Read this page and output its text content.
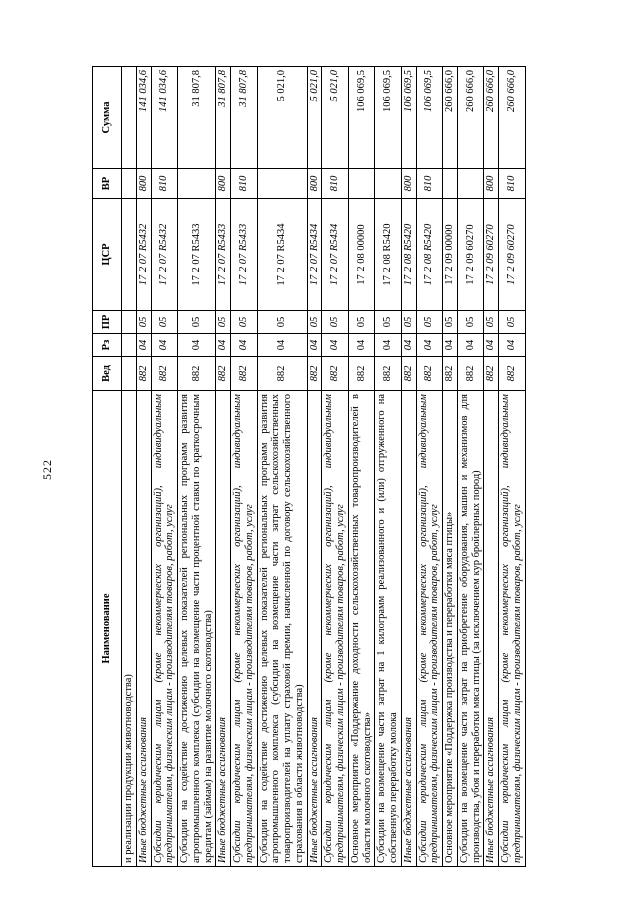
522
Наименование	Вед	Рз	ПР	ЦСР	ВР	Сумма
и реализации продукции животноводства)						
Иные бюджетные ассигнования	882	04	05	17 2 07 R5432	800	141 034,6
Субсидии юридическим лицам (кроме некоммерческих организаций), индивидуальным предпринимателям, физическим лицам - производителям товаров, работ, услуг	882	04	05	17 2 07 R5432	810	141 034,6
Субсидии на содействие достижению целевых показателей региональных программ развития агропромышленного комплекса (субсидии на возмещение части процентной ставки по краткосрочным кредитам (займам) на развитие молочного скотоводства)	882	04	05	17 2 07 R5433		31 807,8
Иные бюджетные ассигнования	882	04	05	17 2 07 R5433	800	31 807,8
Субсидии юридическим лицам (кроме некоммерческих организаций), индивидуальным предпринимателям, физическим лицам - производителям товаров, работ, услуг	882	04	05	17 2 07 R5433	810	31 807,8
Субсидии на содействие достижению целевых показателей региональных программ развития агропромышленного комплекса (субсидии на возмещение части затрат сельскохозяйственных товаропроизводителей на уплату страховой премии, начисленной по договору сельскохозяйственного страхования в области животноводства)	882	04	05	17 2 07 R5434		5 021,0
Иные бюджетные ассигнования	882	04	05	17 2 07 R5434	800	5 021,0
Субсидии юридическим лицам (кроме некоммерческих организаций), индивидуальным предпринимателям, физическим лицам - производителям товаров, работ, услуг	882	04	05	17 2 07 R5434	810	5 021,0
Основное мероприятие «Поддержание доходности сельскохозяйственных товаропроизводителей в области молочного скотоводства»	882	04	05	17 2 08 00000		106 069,5
Субсидии на возмещение части затрат на 1 килограмм реализованного и (или) отгруженного на собственную переработку молока	882	04	05	17 2 08 R5420		106 069,5
Иные бюджетные ассигнования	882	04	05	17 2 08 R5420	800	106 069,5
Субсидии юридическим лицам (кроме некоммерческих организаций), индивидуальным предпринимателям, физическим лицам - производителям товаров, работ, услуг	882	04	05	17 2 08 R5420	810	106 069,5
Основное мероприятие «Поддержка производства и переработки мяса птицы»	882	04	05	17 2 09 00000		260 666,0
Субсидии на возмещение части затрат на приобретение оборудования, машин и механизмов для производства, убоя и переработки мяса птицы (за исключением кур бройлерных пород)	882	04	05	17 2 09 60270		260 666,0
Иные бюджетные ассигнования	882	04	05	17 2 09 60270	800	260 666,0
Субсидии юридическим лицам (кроме некоммерческих организаций), индивидуальным предпринимателям, физическим лицам - производителям товаров, работ, услуг	882	04	05	17 2 09 60270	810	260 666,0
